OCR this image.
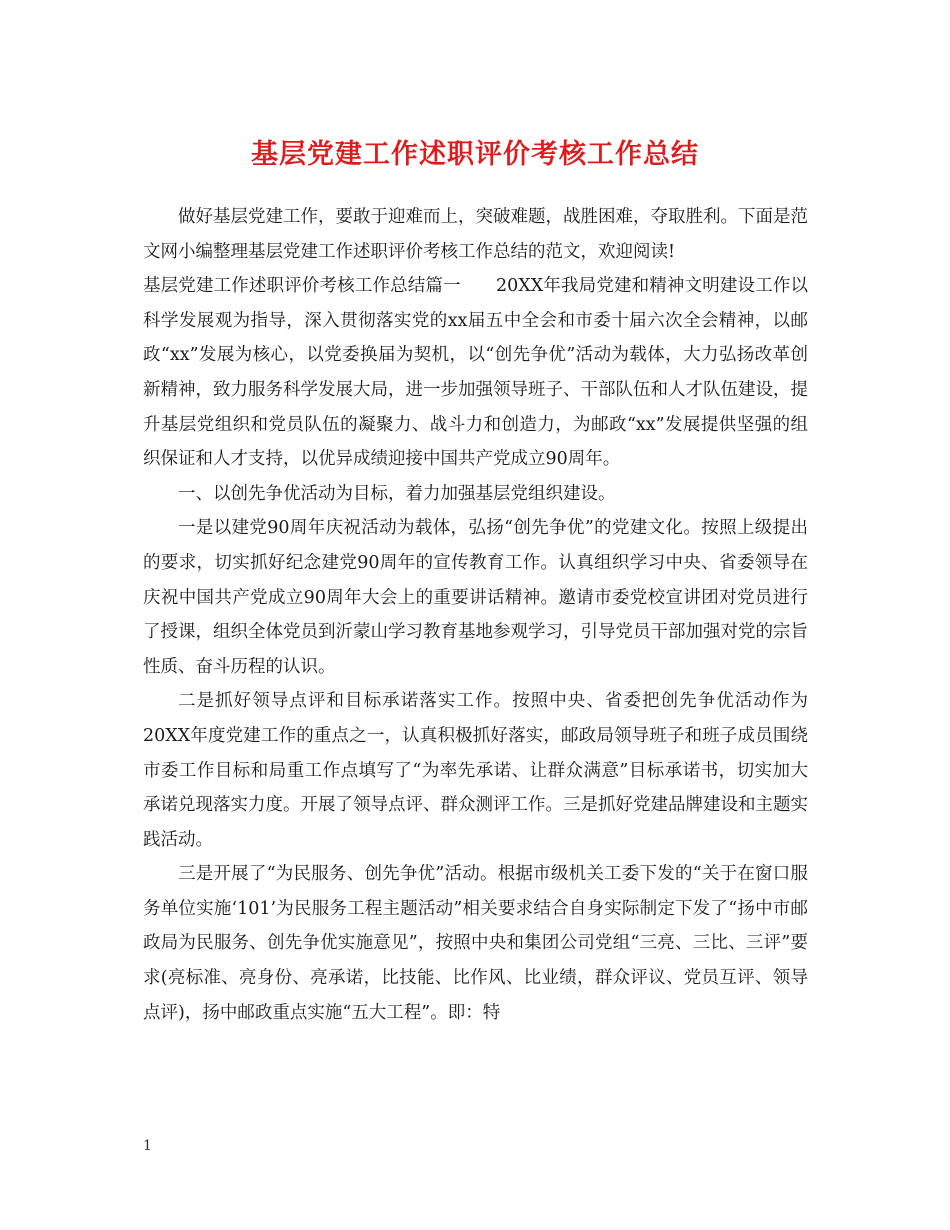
基层党建工作述职评价考核工作总结

做好基层党建工作，要敢于迎难而上，突破难题，战胜困难，夺取胜利。下面是范文网小编整理基层党建工作述职评价考核工作总结的范文，欢迎阅读!

基层党建工作述职评价考核工作总结篇一　　20XX年我局党建和精神文明建设工作以科学发展观为指导，深入贯彻落实党的xx届五中全会和市委十届六次全会精神，以邮政“xx”发展为核心，以党委换届为契机，以“创先争优”活动为载体，大力弘扬改革创新精神，致力服务科学发展大局，进一步加强领导班子、干部队伍和人才队伍建设，提升基层党组织和党员队伍的凝聚力、战斗力和创造力，为邮政“xx”发展提供坚强的组织保证和人才支持，以优异成绩迎接中国共产党成立90周年。

一、以创先争优活动为目标，着力加强基层党组织建设。

一是以建党90周年庆祝活动为载体，弘扬“创先争优”的党建文化。按照上级提出的要求，切实抓好纪念建党90周年的宣传教育工作。认真组织学习中央、省委领导在庆祝中国共产党成立90周年大会上的重要讲话精神。邀请市委党校宣讲团对党员进行了授课，组织全体党员到沂蒙山学习教育基地参观学习，引导党员干部加强对党的宗旨性质、奋斗历程的认识。

二是抓好领导点评和目标承诺落实工作。按照中央、省委把创先争优活动作为20XX年度党建工作的重点之一，认真积极抓好落实，邮政局领导班子和班子成员围绕市委工作目标和局重工作点填写了“为率先承诺、让群众满意”目标承诺书，切实加大承诺兑现落实力度。开展了领导点评、群众测评工作。三是抓好党建品牌建设和主题实践活动。

三是开展了“为民服务、创先争优”活动。根据市级机关工委下发的“关于在窗口服务单位实施‘101’为民服务工程主题活动”相关要求结合自身实际制定下发了“扬中市邮政局为民服务、创先争优实施意见”，按照中央和集团公司党组“三亮、三比、三评”要求(亮标准、亮身份、亮承诺，比技能、比作风、比业绩，群众评议、党员互评、领导点评)，扬中邮政重点实施“五大工程”。即：特

1
